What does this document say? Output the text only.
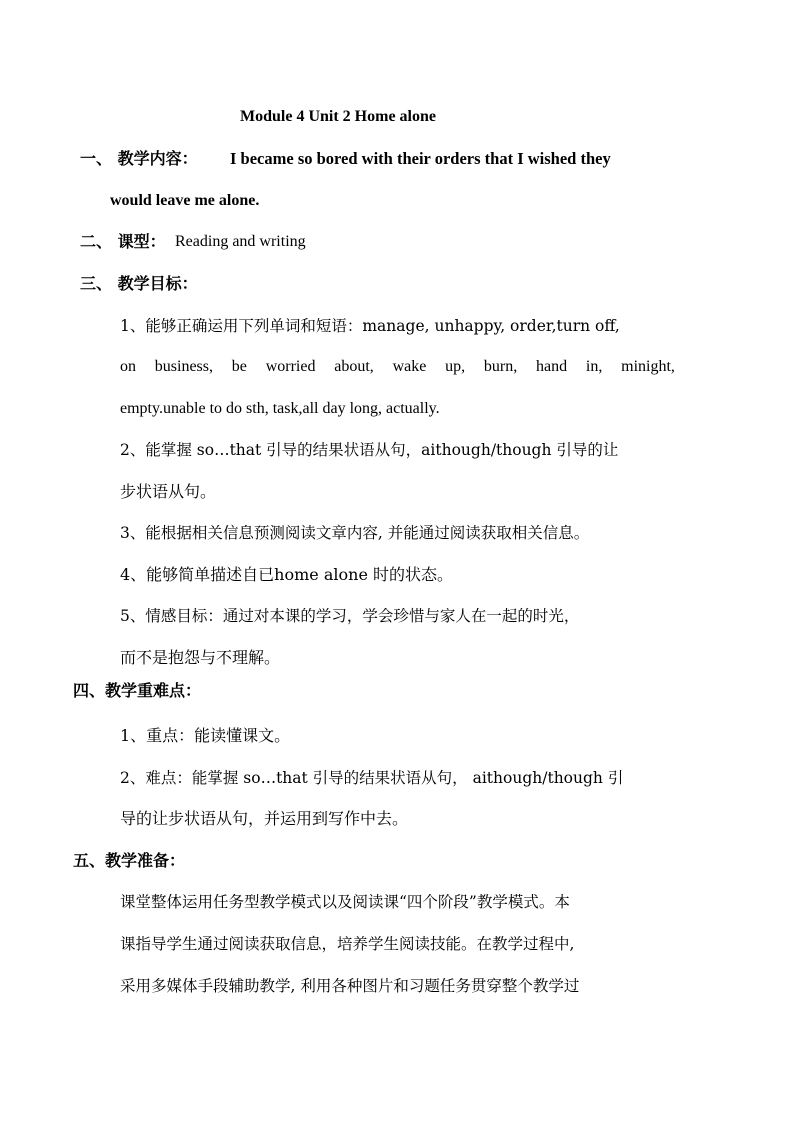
Module 4 Unit 2 Home alone
一、 教学内容： I became so bored with their orders that I wished they
would leave me alone.
二、 课型： Reading and writing
三、 教学目标：
1、能够正确运用下列单词和短语：manage, unhappy, order,turn off,
on business, be worried about, wake up, burn, hand in, minight,
empty.unable to do sth, task,all day long, actually.
2、能掌握 so…that 引导的结果状语从句，aithough/though 引导的让
步状语从句。
3、能根据相关信息预测阅读文章内容, 并能通过阅读获取相关信息。
4、能够简单描述自已home alone 时的状态。
5、情感目标：通过对本课的学习，学会珍惜与家人在一起的时光，
而不是抱怨与不理解。
四、教学重难点：
1、重点：能读懂课文。
2、难点：能掌握 so…that 引导的结果状语从句， aithough/though 引
导的让步状语从句，并运用到写作中去。
五、教学准备：
课堂整体运用任务型教学模式以及阅读课“四个阶段”教学模式。本
课指导学生通过阅读获取信息，培养学生阅读技能。在教学过程中,
采用多媒体手段辅助教学, 利用各种图片和习题任务贯穿整个教学过
